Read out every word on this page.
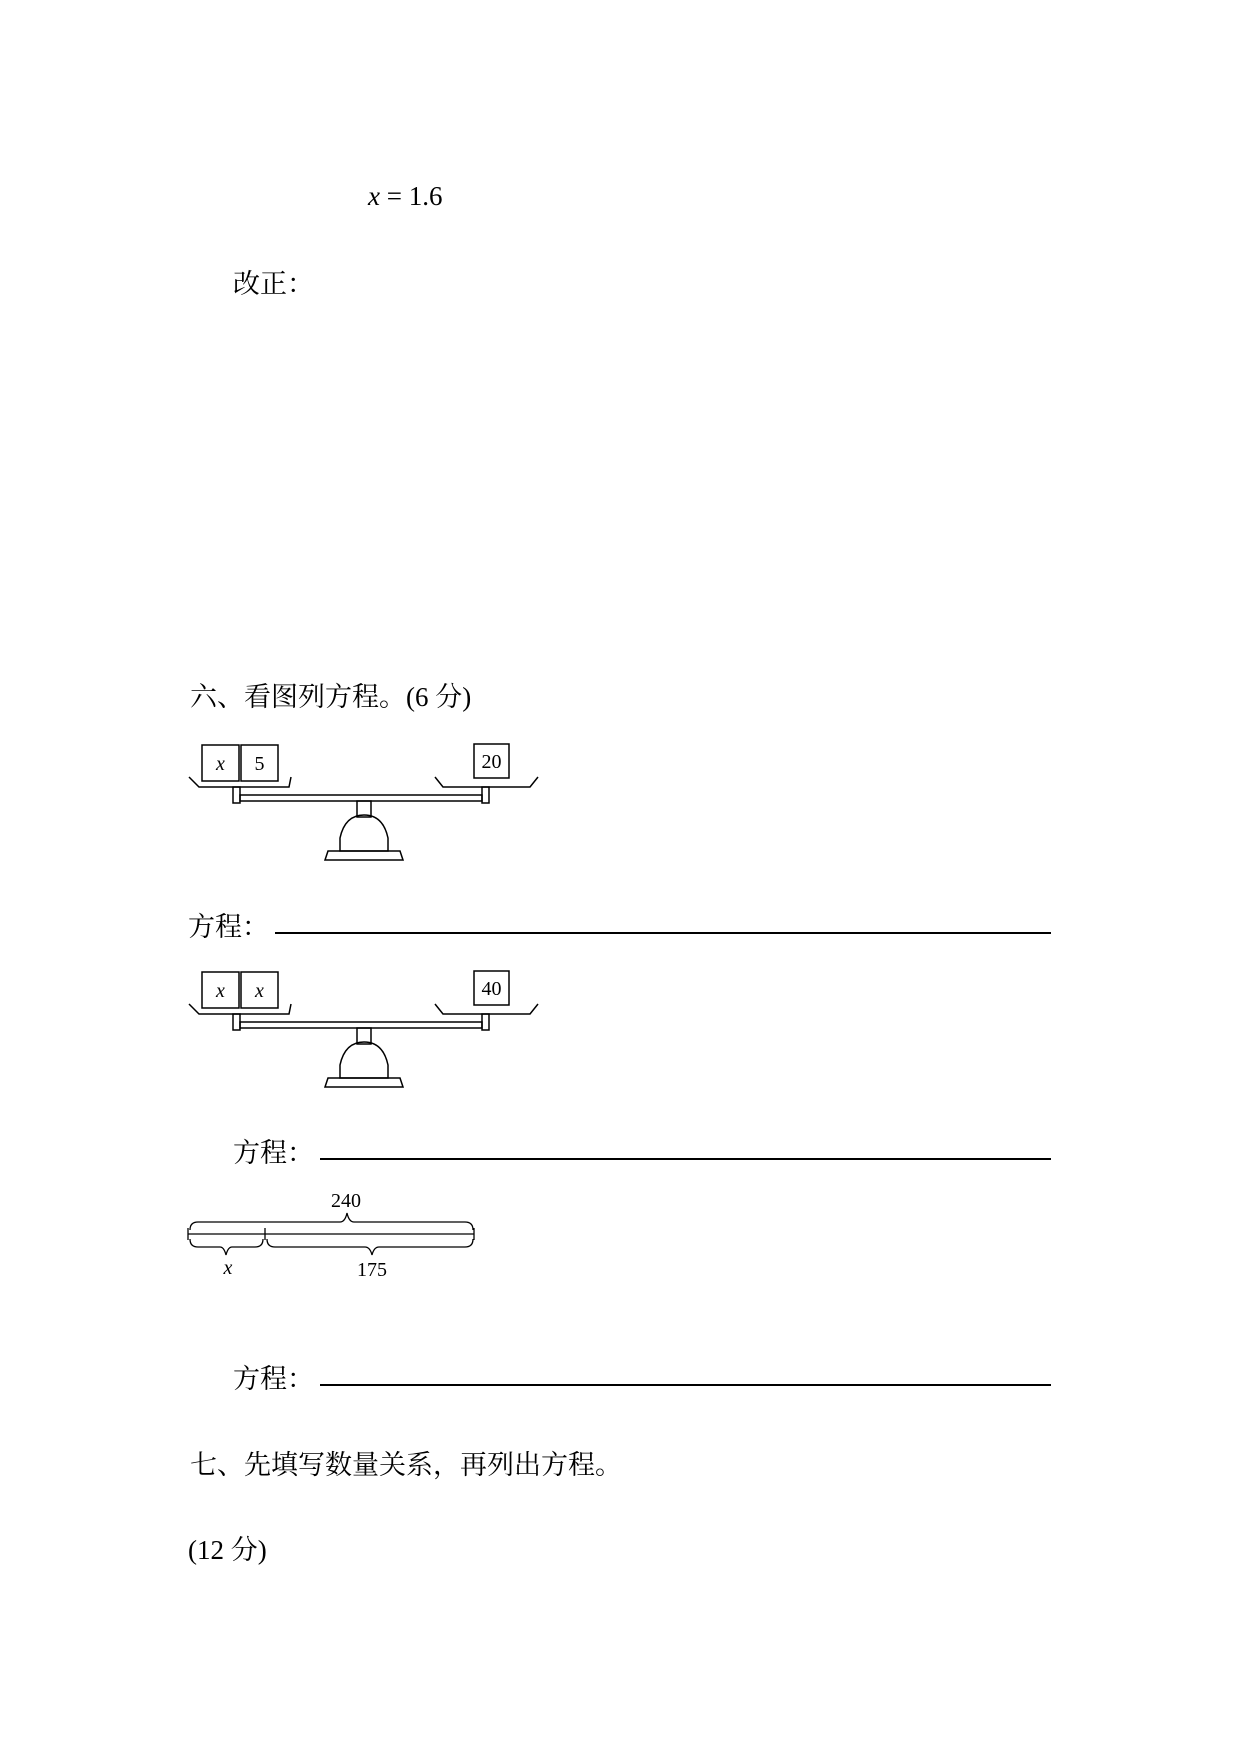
x = 1.6
改正：
六、看图列方程。(6 分)
x 5	20
方程：
x x	40
方程：
240
x	175
方程：
七、先填写数量关系，再列出方程。
(12 分)
